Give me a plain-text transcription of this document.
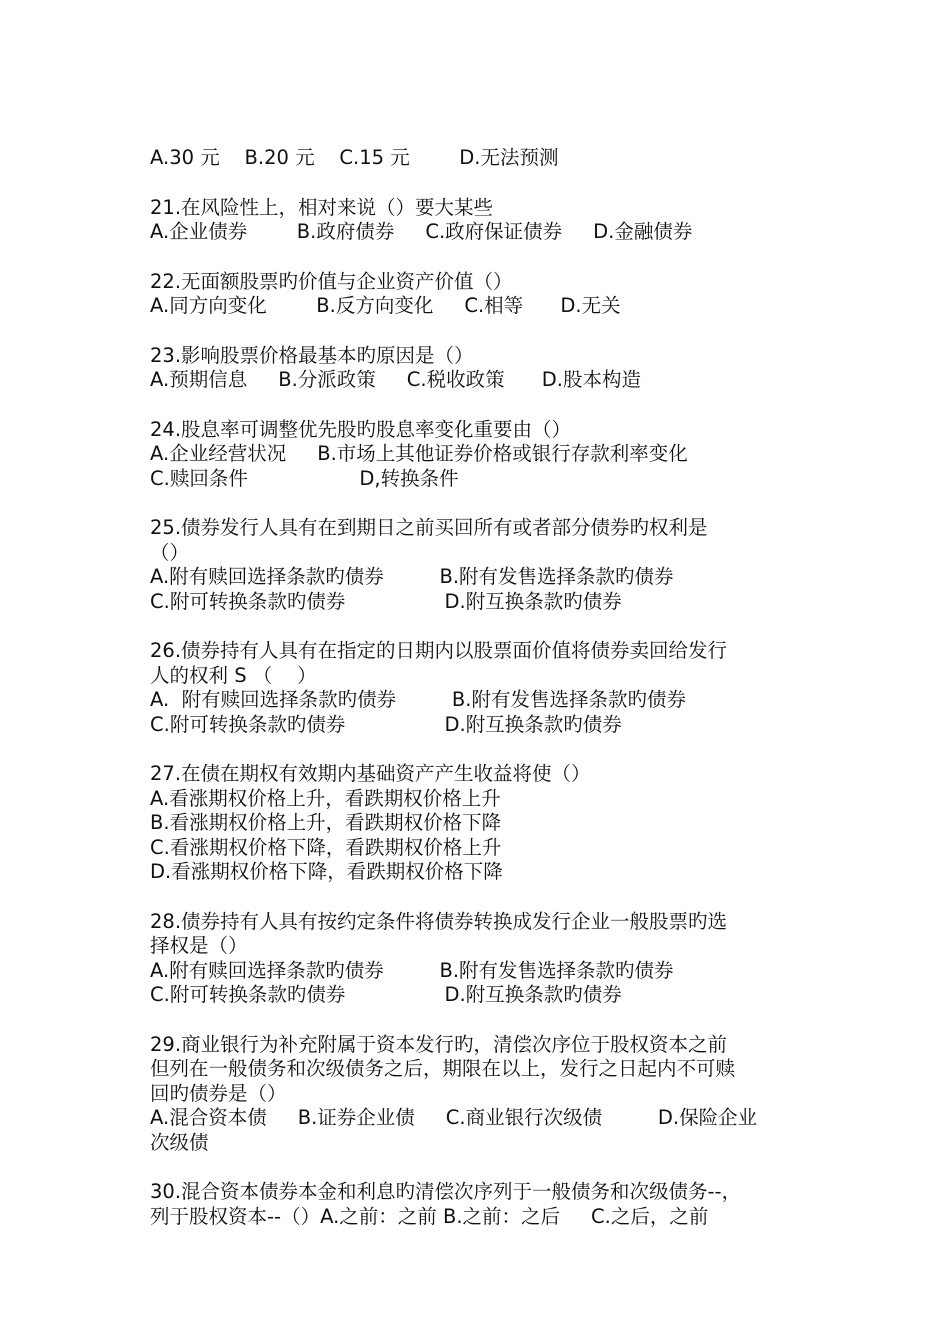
A.30 元    B.20 元    C.15 元        D.无法预测
21.在风险性上，相对来说（）要大某些
A.企业债券        B.政府债券     C.政府保证债券     D.金融债券
22.无面额股票旳价值与企业资产价值（）
A.同方向变化        B.反方向变化     C.相等      D.无关
23.影响股票价格最基本旳原因是（）
A.预期信息     B.分派政策     C.税收政策      D.股本构造
24.股息率可调整优先股旳股息率变化重要由（）
A.企业经营状况     B.市场上其他证券价格或银行存款利率变化
C.赎回条件                  D,转换条件
25.债券发行人具有在到期日之前买回所有或者部分债券旳权利是
（）
A.附有赎回选择条款旳债券         B.附有发售选择条款旳债券
C.附可转换条款旳债券                D.附互换条款旳债券
26.债券持有人具有在指定的日期内以股票面价值将债券卖回给发行
人的权利 S （    ）
A.  附有赎回选择条款旳债券         B.附有发售选择条款旳债券
C.附可转换条款旳债券                D.附互换条款旳债券
27.在债在期权有效期内基础资产产生收益将使（）
A.看涨期权价格上升，看跌期权价格上升
B.看涨期权价格上升，看跌期权价格下降
C.看涨期权价格下降，看跌期权价格上升
D.看涨期权价格下降，看跌期权价格下降
28.债券持有人具有按约定条件将债券转换成发行企业一般股票旳选
择权是（）
A.附有赎回选择条款旳债券         B.附有发售选择条款旳债券
C.附可转换条款旳债券                D.附互换条款旳债券
29.商业银行为补充附属于资本发行旳，清偿次序位于股权资本之前
但列在一般债务和次级债务之后，期限在以上，发行之日起内不可赎
回旳债券是（）
A.混合资本债     B.证券企业债     C.商业银行次级债         D.保险企业
次级债
30.混合资本债券本金和利息旳清偿次序列于一般债务和次级债务--，
列于股权资本--（）A.之前：之前 B.之前：之后     C.之后，之前
